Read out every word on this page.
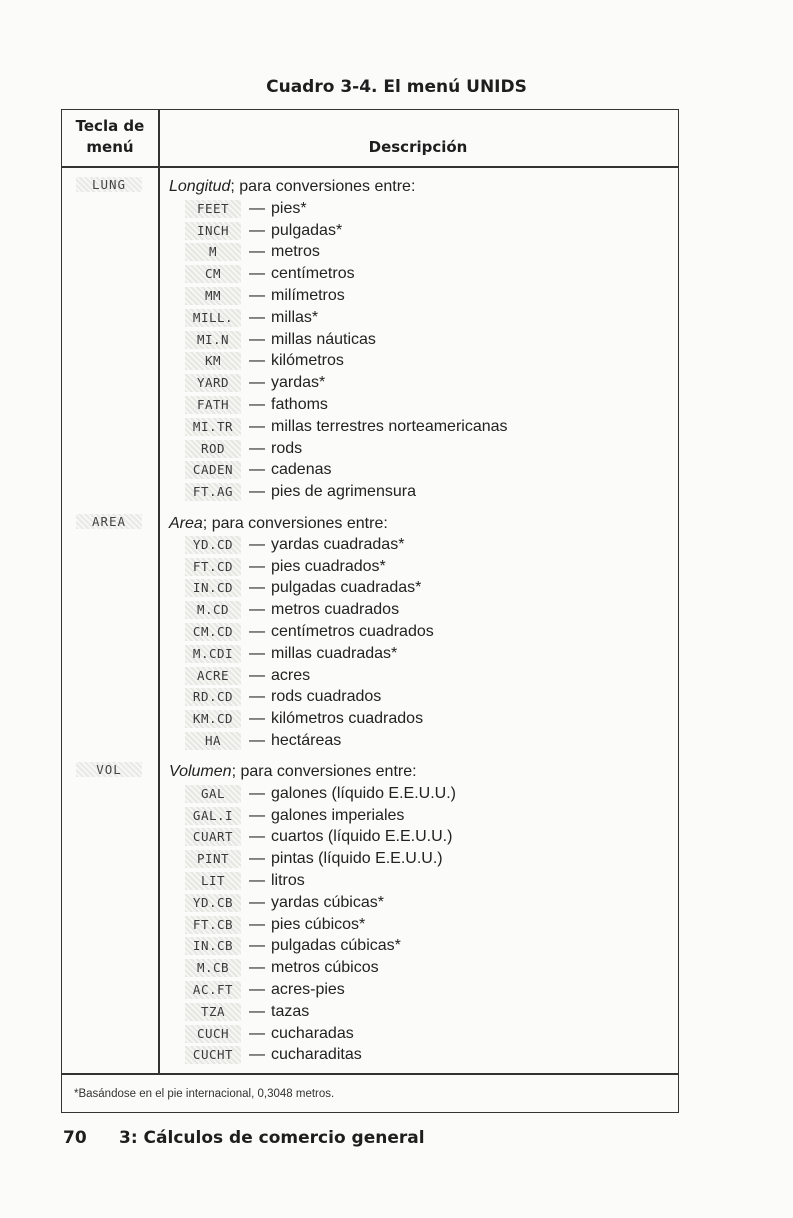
Cuadro 3-4. El menú UNIDS
Tecla de
menú	Descripción
LUNG	Longitud; para conversiones entre:
FEET	— pies*
INCH	— pulgadas*
M	— metros
CM	— centímetros
MM	— milímetros
MILL. — millas*
MI.N	— millas náuticas
KM	— kilómetros
YARD	— yardas*
FATH	— fathoms
MI.TR — millas terrestres norteamericanas
ROD	— rods
CADEN — cadenas
FT.AG — pies de agrimensura
AREA	Area; para conversiones entre:
YD.CD — yardas cuadradas*
FT.CD — pies cuadrados*
IN.CD — pulgadas cuadradas*
M.CD	— metros cuadrados
CM.CD — centímetros cuadrados
M.CDI — millas cuadradas*
ACRE	— acres
RD.CD — rods cuadrados
KM.CD — kilómetros cuadrados
HA	— hectáreas
VOL	Volumen; para conversiones entre:
GAL	— galones (líquido E.E.U.U.)
GAL.I — galones imperiales
CUART — cuartos (líquido E.E.U.U.)
PINT	— pintas (líquido E.E.U.U.)
LIT	— litros
YD.CB — yardas cúbicas*
FT.CB — pies cúbicos*
IN.CB — pulgadas cúbicas*
M.CB	— metros cúbicos
AC.FT — acres-pies
TZA	— tazas
CUCH	— cucharadas
CUCHT — cucharaditas
*Basándose en el pie internacional, 0,3048 metros.
70 3: Cálculos de comercio general
